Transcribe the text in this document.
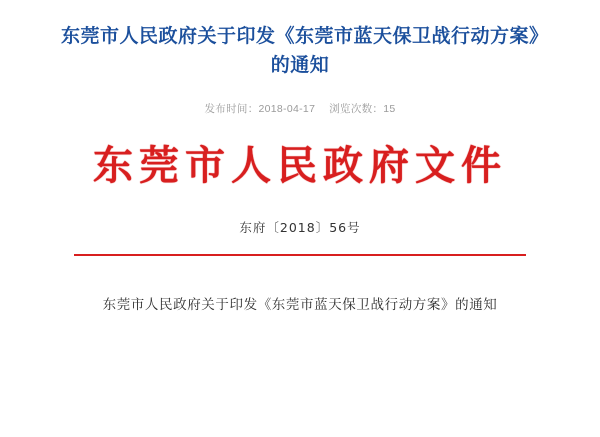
东莞市人民政府关于印发《东莞市蓝天保卫战行动方案》的通知
发布时间：2018-04-17 浏览次数：15
东莞市人民政府文件
东府〔2018〕56号
东莞市人民政府关于印发《东莞市蓝天保卫战行动方案》的通知
